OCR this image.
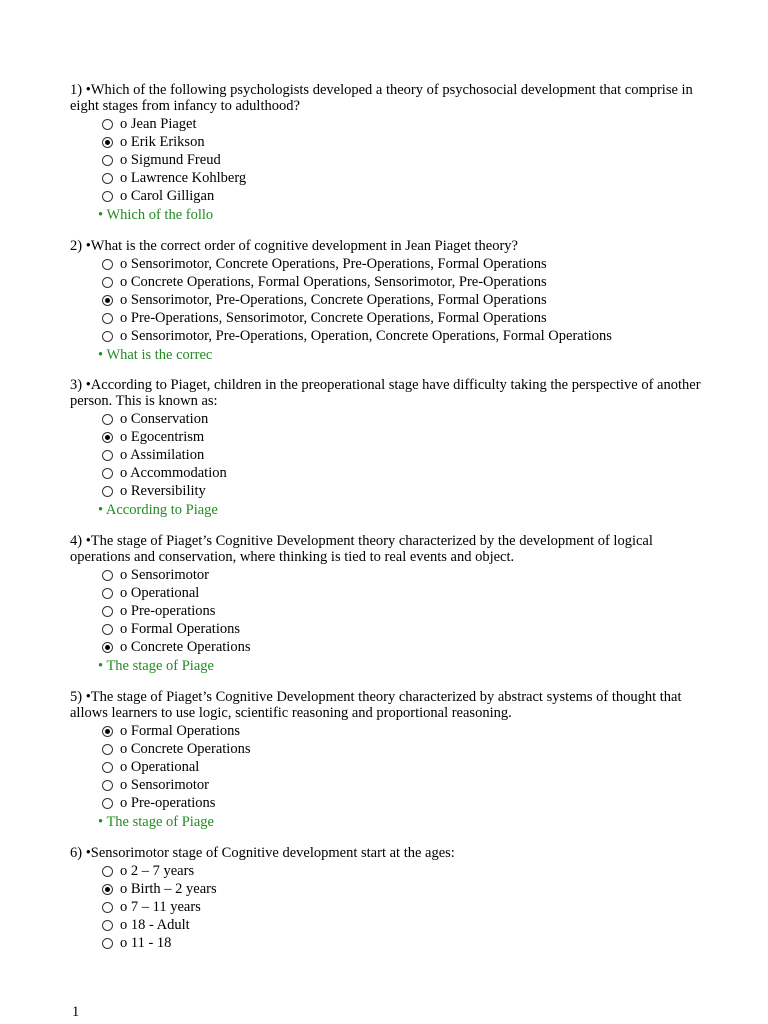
1) •Which of the following psychologists developed a theory of psychosocial development that comprise in eight stages from infancy to adulthood?
o Jean Piaget
o Erik Erikson
o Sigmund Freud
o Lawrence Kohlberg
o Carol Gilligan
• Which of the follo
2) •What is the correct order of cognitive development in Jean Piaget theory?
o Sensorimotor, Concrete Operations, Pre-Operations, Formal Operations
o Concrete Operations, Formal Operations, Sensorimotor, Pre-Operations
o Sensorimotor, Pre-Operations, Concrete Operations, Formal Operations
o Pre-Operations, Sensorimotor, Concrete Operations, Formal Operations
o Sensorimotor, Pre-Operations, Operation, Concrete Operations, Formal Operations
• What is the correc
3) •According to Piaget, children in the preoperational stage have difficulty taking the perspective of another person. This is known as:
o Conservation
o Egocentrism
o Assimilation
o Accommodation
o Reversibility
• According to Piage
4) •The stage of Piaget’s Cognitive Development theory characterized by the development of logical operations and conservation, where thinking is tied to real events and object.
o Sensorimotor
o Operational
o Pre-operations
o Formal Operations
o Concrete Operations
• The stage of Piage
5) •The stage of Piaget’s Cognitive Development theory characterized by abstract systems of thought that allows learners to use logic, scientific reasoning and proportional reasoning.
o Formal Operations
o Concrete Operations
o Operational
o Sensorimotor
o Pre-operations
• The stage of Piage
6) •Sensorimotor stage of Cognitive development start at the ages:
o 2 – 7 years
o Birth – 2 years
o 7 – 11 years
o 18 - Adult
o 11 - 18
1
